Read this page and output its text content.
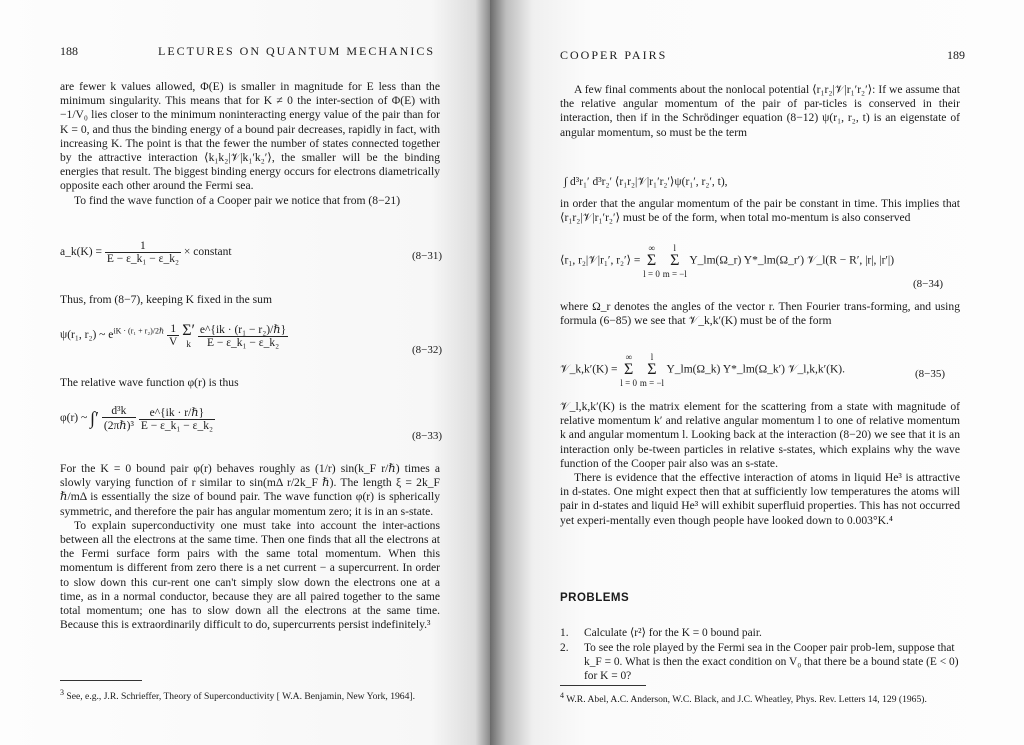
188	LECTURES ON QUANTUM MECHANICS

are fewer k values allowed, Φ(E) is smaller in magnitude for E less than the minimum singularity. This means that for K ≠ 0 the inter-section of Φ(E) with −1/V₀ lies closer to the minimum noninteracting energy value of the pair than for K = 0, and thus the binding energy of a bound pair decreases, rapidly in fact, with increasing K. The point is that the fewer the number of states connected together by the attractive interaction ⟨k₁k₂|𝒱|k₁′k₂′⟩, the smaller will be the binding energies that result. The biggest binding energy occurs for electrons diametrically opposite each other around the Fermi sea.

To find the wave function of a Cooper pair we notice that from (8−21)

a_k(K) = $\frac{1}{\text{E − ε\_k₁ − ε\_k₂}}$ × constant	(8−31)
Thus, from (8−7), keeping K fixed in the sum
ψ(r₁, r₂) ~ $e^{iK \cdot (r_1 + r_2)/2\hbar} \frac{1}{V}$
Σ′
k $\frac{\text{e\textasciicircum{}\{ik · (r₁ − r₂)/ℏ\}}}{\text{E − ε\_k₁ − ε\_k₂}}$
(8−32)
The relative wave function φ(r) is thus
φ(r) ~ ∫′ $\frac{\text{d³k}}{\text{(2πℏ)³}}$
$\frac{\text{e\textasciicircum{}\{ik · r/ℏ\}}}{\text{E − ε\_k₁ − ε\_k₂}}$
(8−33)

For the K = 0 bound pair φ(r) behaves roughly as (1/r) sin(k_F r/ℏ) times a slowly varying function of r similar to sin(mΔ r/2k_F ℏ). The length ξ = 2k_F ℏ/mΔ is essentially the size of bound pair. The wave function φ(r) is spherically symmetric, and therefore the pair has angular momentum zero; it is in an s-state.

To explain superconductivity one must take into account the inter-actions between all the electrons at the same time. Then one finds that all the electrons at the Fermi surface form pairs with the same total momentum. When this momentum is different from zero there is a net current − a supercurrent. In order to slow down this cur-rent one can't simply slow down the electrons one at a time, as in a normal conductor, because they are all paired together to the same total momentum; one has to slow down all the electrons at the same time. Because this is extraordinarily difficult to do, supercurrents persist indefinitely.³

$^3$ See, e.g., J.R. Schrieffer, Theory of Superconductivity [ W.A. Benjamin, New York, 1964].
COOPER PAIRS	189
A few final comments about the nonlocal potential ⟨r₁r₂|𝒱|r₁′r₂′⟩: If we assume that the relative angular momentum of the pair of par-ticles is conserved in their interaction, then if in the Schrödinger equation (8−12) ψ(r₁, r₂, t) is an eigenstate of angular momentum, so must be the term
∫ d³r₁′ d³r₂′ ⟨r₁r₂|𝒱|r₁′r₂′⟩ψ(r₁′, r₂′, t),
in order that the angular momentum of the pair be constant in time. This implies that ⟨r₁r₂|𝒱|r₁′r₂′⟩ must be of the form, when total mo-mentum is also conserved
⟨r₁, r₂|𝒱|r₁′, r₂′⟩ = ∞
Σ
l = 0 l
Σ
m = −l Y_lm(Ω_r) Y*_lm(Ω_r′) 𝒱_l(R − R′, |r|, |r′|)
(8−34)
where Ω_r denotes the angles of the vector r. Then Fourier trans-forming, and using formula (6−85) we see that 𝒱_k,k′(K) must be of the form
𝒱_k,k′(K) = ∞
Σ
l = 0 l
Σ
m = −l Y_lm(Ω_k) Y*_lm(Ω_k′) 𝒱_l,k,k′(K).	(8−35)

𝒱_l,k,k′(K) is the matrix element for the scattering from a state with magnitude of relative momentum k′ and relative angular momentum l to one of relative momentum k and angular momentum l. Looking back at the interaction (8−20) we see that it is an interaction only be-tween particles in relative s-states, which explains why the wave function of the Cooper pair also was an s-state.

There is evidence that the effective interaction of atoms in liquid He³ is attractive in d-states. One might expect then that at sufficiently low temperatures the atoms will pair in d-states and liquid He³ will exhibit superfluid properties. This has not occurred yet experi-mentally even though people have looked down to 0.003°K.⁴

PROBLEMS
1. Calculate ⟨r²⟩ for the K = 0 bound pair.
2. To see the role played by the Fermi sea in the Cooper pair prob-lem, suppose that k_F = 0. What is then the exact condition on V₀ that there be a bound state (E < 0) for K = 0?
$^4$ W.R. Abel, A.C. Anderson, W.C. Black, and J.C. Wheatley, Phys. Rev. Letters 14, 129 (1965).
